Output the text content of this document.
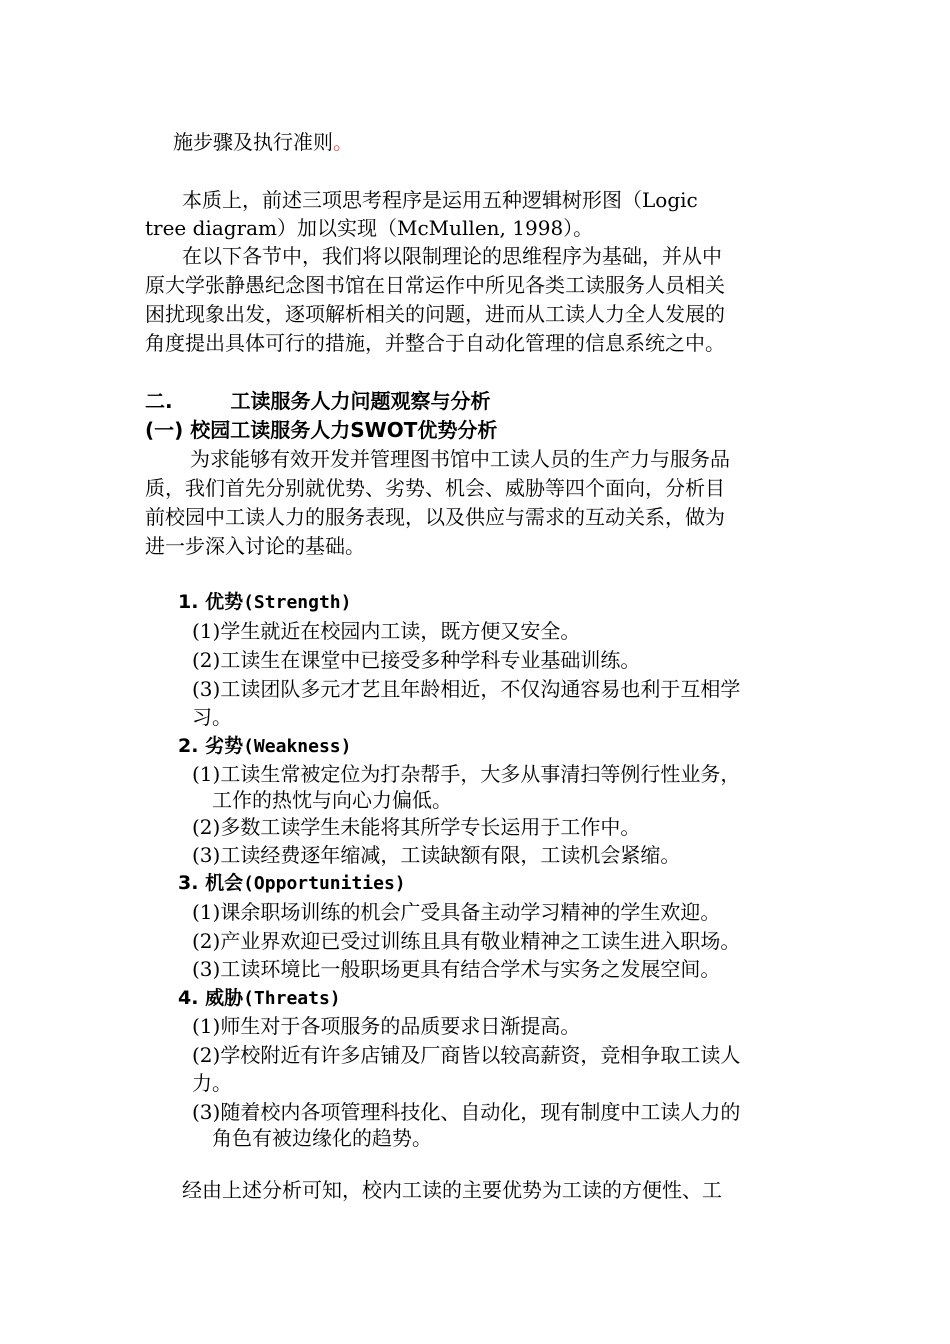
施步骤及执行准则。
本质上，前述三项思考程序是运用五种逻辑树形图（Logic
tree diagram）加以实现（McMullen, 1998）。
在以下各节中，我们将以限制理论的思维程序为基础，并从中
原大学张静愚纪念图书馆在日常运作中所见各类工读服务人员相关
困扰现象出发，逐项解析相关的问题，进而从工读人力全人发展的
角度提出具体可行的措施，并整合于自动化管理的信息系统之中。
二.	工读服务人力问题观察与分析
(一) 校园工读服务人力SWOT优势分析
为求能够有效开发并管理图书馆中工读人员的生产力与服务品
质，我们首先分别就优势、劣势、机会、威胁等四个面向，分析目
前校园中工读人力的服务表现，以及供应与需求的互动关系，做为
进一步深入讨论的基础。
1. 优势(Strength)
(1)学生就近在校园内工读，既方便又安全。
(2)工读生在课堂中已接受多种学科专业基础训练。
(3)工读团队多元才艺且年龄相近，不仅沟通容易也利于互相学
习。
2. 劣势(Weakness)
(1)工读生常被定位为打杂帮手，大多从事清扫等例行性业务，
工作的热忱与向心力偏低。
(2)多数工读学生未能将其所学专长运用于工作中。
(3)工读经费逐年缩减，工读缺额有限，工读机会紧缩。
3. 机会(Opportunities)
(1)课余职场训练的机会广受具备主动学习精神的学生欢迎。
(2)产业界欢迎已受过训练且具有敬业精神之工读生进入职场。
(3)工读环境比一般职场更具有结合学术与实务之发展空间。
4. 威胁(Threats)
(1)师生对于各项服务的品质要求日渐提高。
(2)学校附近有许多店铺及厂商皆以较高薪资，竞相争取工读人
力。
(3)随着校内各项管理科技化、自动化，现有制度中工读人力的
角色有被边缘化的趋势。
经由上述分析可知，校内工读的主要优势为工读的方便性、工
